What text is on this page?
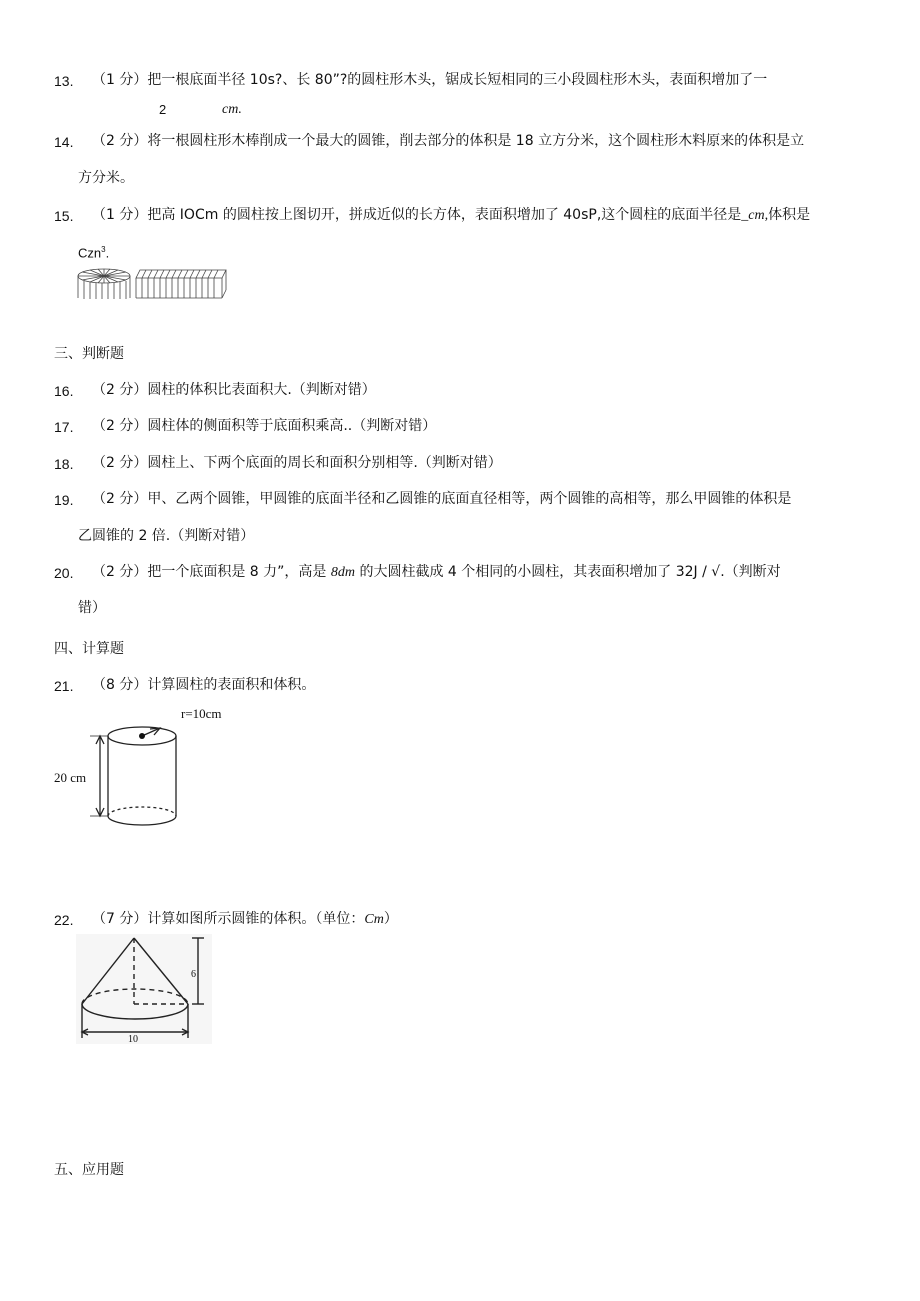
13. （1 分）把一根底面半径 10s?、长 80”?的圆柱形木头，锯成长短相同的三小段圆柱形木头，表面积增加了一
2	cm.
14. （2 分）将一根圆柱形木棒削成一个最大的圆锥，削去部分的体积是 18 立方分米，这个圆柱形木料原来的体积是立
方分米。
15. （1 分）把高 IOCm 的圆柱按上图切开，拼成近似的长方体，表面积增加了 40sP,这个圆柱的底面半径是_cm,体积是
Czn$^3$.
三、判断题
16. （2 分）圆柱的体积比表面积大.（判断对错）
17. （2 分）圆柱体的侧面积等于底面积乘高..（判断对错）
18. （2 分）圆柱上、下两个底面的周长和面积分别相等.（判断对错）
19. （2 分）甲、乙两个圆锥，甲圆锥的底面半径和乙圆锥的底面直径相等，两个圆锥的高相等，那么甲圆锥的体积是
乙圆锥的 2 倍.（判断对错）
20. （2 分）把一个底面积是 8 力”，高是 8dm 的大圆柱截成 4 个相同的小圆柱，其表面积增加了 32J / √.（判断对
错）
四、计算题
21. （8 分）计算圆柱的表面积和体积。
r=10cm
20 cm
22. （7 分）计算如图所示圆锥的体积。（单位：Cm）
6
10
五、应用题
